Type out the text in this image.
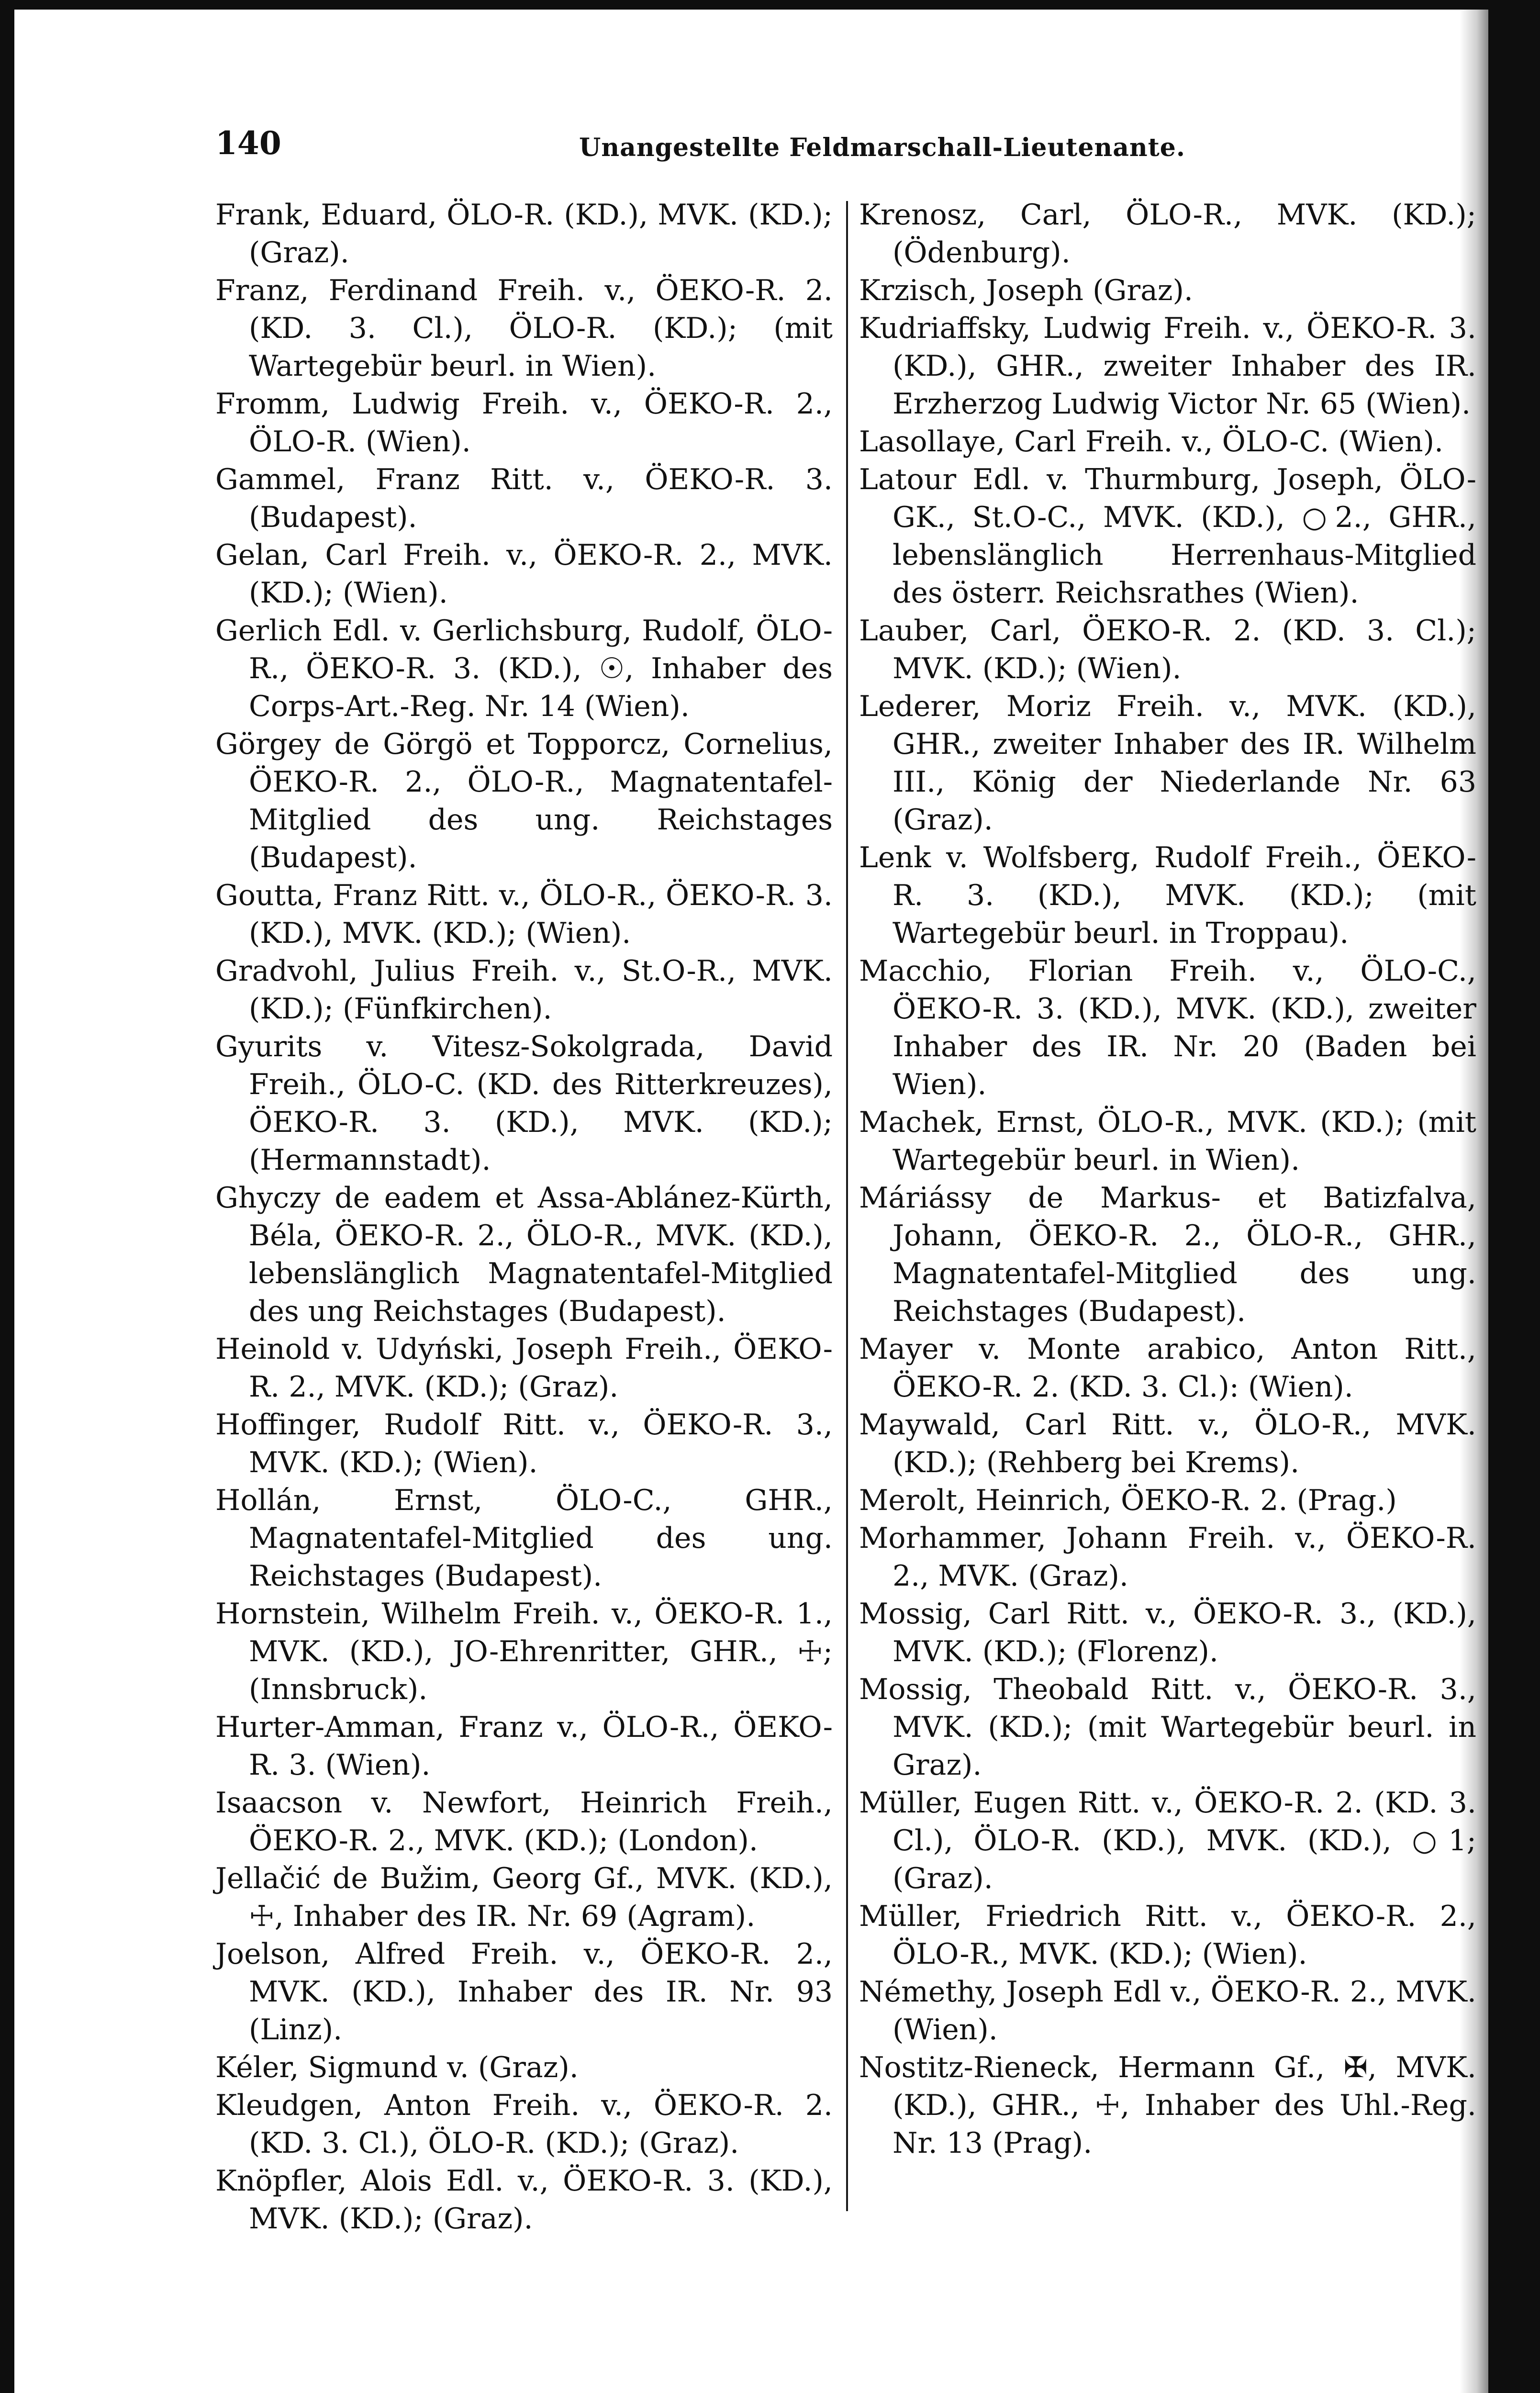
140	Unangestellte Feldmarschall-Lieutenante.

Frank, Eduard, ÖLO-R. (KD.), MVK. (KD.); (Graz).

Franz, Ferdinand Freih. v., ÖEKO-R. 2. (KD. 3. Cl.), ÖLO-R. (KD.); (mit Wartegebür beurl. in Wien).

Fromm, Ludwig Freih. v., ÖEKO-R. 2., ÖLO-R. (Wien).

Gammel, Franz Ritt. v., ÖEKO-R. 3. (Budapest).

Gelan, Carl Freih. v., ÖEKO-R. 2., MVK. (KD.); (Wien).

Gerlich Edl. v. Gerlichsburg, Rudolf, ÖLO-R., ÖEKO-R. 3. (KD.), ☉, Inhaber des Corps-Art.-Reg. Nr. 14 (Wien).

Görgey de Görgö et Topporcz, Cornelius, ÖEKO-R. 2., ÖLO-R., Magnatentafel-Mitglied des ung. Reichstages (Budapest).

Goutta, Franz Ritt. v., ÖLO-R., ÖEKO-R. 3. (KD.), MVK. (KD.); (Wien).

Gradvohl, Julius Freih. v., St.O-R., MVK. (KD.); (Fünfkirchen).

Gyurits v. Vitesz-Sokolgrada, David Freih., ÖLO-C. (KD. des Ritterkreuzes), ÖEKO-R. 3. (KD.), MVK. (KD.); (Hermannstadt).

Ghyczy de eadem et Assa-Ablánez-Kürth, Béla, ÖEKO-R. 2., ÖLO-R., MVK. (KD.), lebenslänglich Magnatentafel-Mitglied des ung Reichstages (Budapest).

Heinold v. Udyński, Joseph Freih., ÖEKO-R. 2., MVK. (KD.); (Graz).

Hoffinger, Rudolf Ritt. v., ÖEKO-R. 3., MVK. (KD.); (Wien).

Hollán, Ernst, ÖLO-C., GHR., Magnatentafel-Mitglied des ung. Reichstages (Budapest).

Hornstein, Wilhelm Freih. v., ÖEKO-R. 1., MVK. (KD.), JO-Ehrenritter, GHR., ☩; (Innsbruck).

Hurter-Amman, Franz v., ÖLO-R., ÖEKO-R. 3. (Wien).

Isaacson v. Newfort, Heinrich Freih., ÖEKO-R. 2., MVK. (KD.); (London).

Jellačić de Bužim, Georg Gf., MVK. (KD.), ☩, Inhaber des IR. Nr. 69 (Agram).

Joelson, Alfred Freih. v., ÖEKO-R. 2., MVK. (KD.), Inhaber des IR. Nr. 93 (Linz).

Kéler, Sigmund v. (Graz).

Kleudgen, Anton Freih. v., ÖEKO-R. 2. (KD. 3. Cl.), ÖLO-R. (KD.); (Graz).

Knöpfler, Alois Edl. v., ÖEKO-R. 3. (KD.), MVK. (KD.); (Graz).

Krenosz, Carl, ÖLO-R., MVK. (KD.); (Ödenburg).

Krzisch, Joseph (Graz).

Kudriaffsky, Ludwig Freih. v., ÖEKO-R. 3. (KD.), GHR., zweiter Inhaber des IR. Erzherzog Ludwig Victor Nr. 65 (Wien).

Lasollaye, Carl Freih. v., ÖLO-C. (Wien).

Latour Edl. v. Thurmburg, Joseph, ÖLO-GK., St.O-C., MVK. (KD.), ○2., GHR., lebenslänglich Herrenhaus-Mitglied des österr. Reichsrathes (Wien).

Lauber, Carl, ÖEKO-R. 2. (KD. 3. Cl.); MVK. (KD.); (Wien).

Lederer, Moriz Freih. v., MVK. (KD.), GHR., zweiter Inhaber des IR. Wilhelm III., König der Niederlande Nr. 63 (Graz).

Lenk v. Wolfsberg, Rudolf Freih., ÖEKO-R. 3. (KD.), MVK. (KD.); (mit Wartegebür beurl. in Troppau).

Macchio, Florian Freih. v., ÖLO-C., ÖEKO-R. 3. (KD.), MVK. (KD.), zweiter Inhaber des IR. Nr. 20 (Baden bei Wien).

Machek, Ernst, ÖLO-R., MVK. (KD.); (mit Wartegebür beurl. in Wien).

Máriássy de Markus- et Batizfalva, Johann, ÖEKO-R. 2., ÖLO-R., GHR., Magnatentafel-Mitglied des ung. Reichstages (Budapest).

Mayer v. Monte arabico, Anton Ritt., ÖEKO-R. 2. (KD. 3. Cl.): (Wien).

Maywald, Carl Ritt. v., ÖLO-R., MVK. (KD.); (Rehberg bei Krems).

Merolt, Heinrich, ÖEKO-R. 2. (Prag.)

Morhammer, Johann Freih. v., ÖEKO-R. 2., MVK. (Graz).

Mossig, Carl Ritt. v., ÖEKO-R. 3., (KD.), MVK. (KD.); (Florenz).

Mossig, Theobald Ritt. v., ÖEKO-R. 3., MVK. (KD.); (mit Wartegebür beurl. in Graz).

Müller, Eugen Ritt. v., ÖEKO-R. 2. (KD. 3. Cl.), ÖLO-R. (KD.), MVK. (KD.), ○1; (Graz).

Müller, Friedrich Ritt. v., ÖEKO-R. 2., ÖLO-R., MVK. (KD.); (Wien).

Némethy, Joseph Edl v., ÖEKO-R. 2., MVK. (Wien).

Nostitz-Rieneck, Hermann Gf., ✠, MVK. (KD.), GHR., ☩, Inhaber des Uhl.-Reg. Nr. 13 (Prag).
